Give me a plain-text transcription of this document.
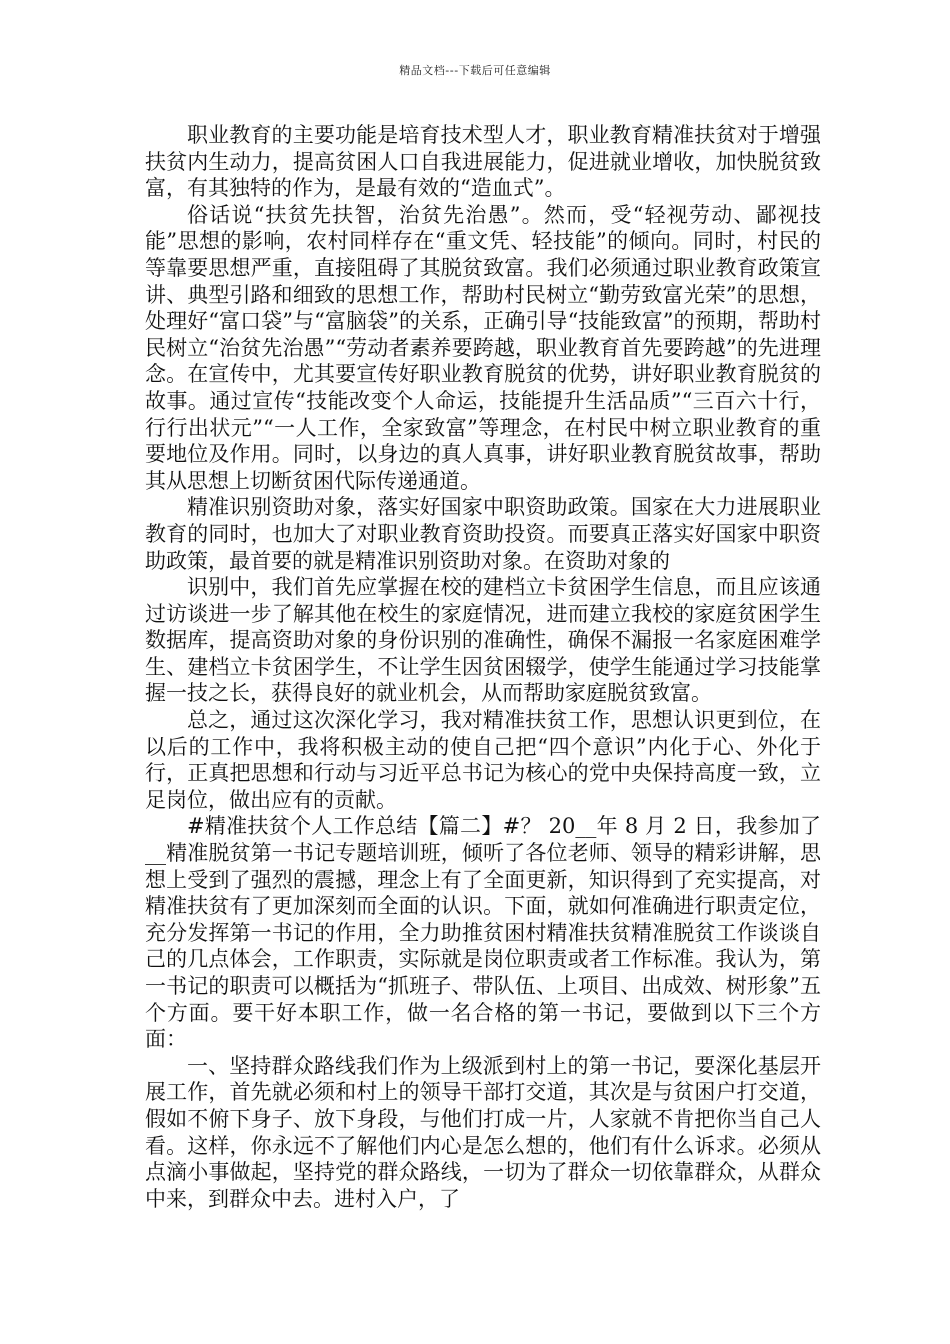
精品文档---下载后可任意编辑

职业教育的主要功能是培育技术型人才，职业教育精准扶贫对于增强扶贫内生动力，提高贫困人口自我进展能力，促进就业增收，加快脱贫致富，有其独特的作为，是最有效的“造血式”。

俗话说“扶贫先扶智，治贫先治愚”。然而，受“轻视劳动、鄙视技能”思想的影响，农村同样存在“重文凭、轻技能”的倾向。同时，村民的等靠要思想严重，直接阻碍了其脱贫致富。我们必须通过职业教育政策宣讲、典型引路和细致的思想工作，帮助村民树立“勤劳致富光荣”的思想，处理好“富口袋”与“富脑袋”的关系，正确引导“技能致富”的预期，帮助村民树立“治贫先治愚”“劳动者素养要跨越，职业教育首先要跨越”的先进理念。在宣传中，尤其要宣传好职业教育脱贫的优势，讲好职业教育脱贫的故事。通过宣传“技能改变个人命运，技能提升生活品质”“三百六十行，行行出状元”“一人工作，全家致富”等理念，在村民中树立职业教育的重要地位及作用。同时，以身边的真人真事，讲好职业教育脱贫故事，帮助其从思想上切断贫困代际传递通道。

精准识别资助对象，落实好国家中职资助政策。国家在大力进展职业教育的同时，也加大了对职业教育资助投资。而要真正落实好国家中职资助政策，最首要的就是精准识别资助对象。在资助对象的

识别中，我们首先应掌握在校的建档立卡贫困学生信息，而且应该通过访谈进一步了解其他在校生的家庭情况，进而建立我校的家庭贫困学生数据库，提高资助对象的身份识别的准确性，确保不漏报一名家庭困难学生、建档立卡贫困学生，不让学生因贫困辍学，使学生能通过学习技能掌握一技之长，获得良好的就业机会，从而帮助家庭脱贫致富。

总之，通过这次深化学习，我对精准扶贫工作，思想认识更到位，在以后的工作中，我将积极主动的使自己把“四个意识”内化于心、外化于行，正真把思想和行动与习近平总书记为核心的党中央保持高度一致，立足岗位，做出应有的贡献。

#精准扶贫个人工作总结【篇二】#？ 20__年 8 月 2 日，我参加了__精准脱贫第一书记专题培训班，倾听了各位老师、领导的精彩讲解，思想上受到了强烈的震撼，理念上有了全面更新，知识得到了充实提高，对精准扶贫有了更加深刻而全面的认识。下面，就如何准确进行职责定位，充分发挥第一书记的作用，全力助推贫困村精准扶贫精准脱贫工作谈谈自己的几点体会，工作职责，实际就是岗位职责或者工作标准。我认为，第一书记的职责可以概括为“抓班子、带队伍、上项目、出成效、树形象”五个方面。要干好本职工作，做一名合格的第一书记，要做到以下三个方面：

一、坚持群众路线我们作为上级派到村上的第一书记，要深化基层开展工作，首先就必须和村上的领导干部打交道，其次是与贫困户打交道，假如不俯下身子、放下身段，与他们打成一片，人家就不肯把你当自己人看。这样，你永远不了解他们内心是怎么想的，他们有什么诉求。必须从点滴小事做起，坚持党的群众路线，一切为了群众一切依靠群众，从群众中来，到群众中去。进村入户，了
